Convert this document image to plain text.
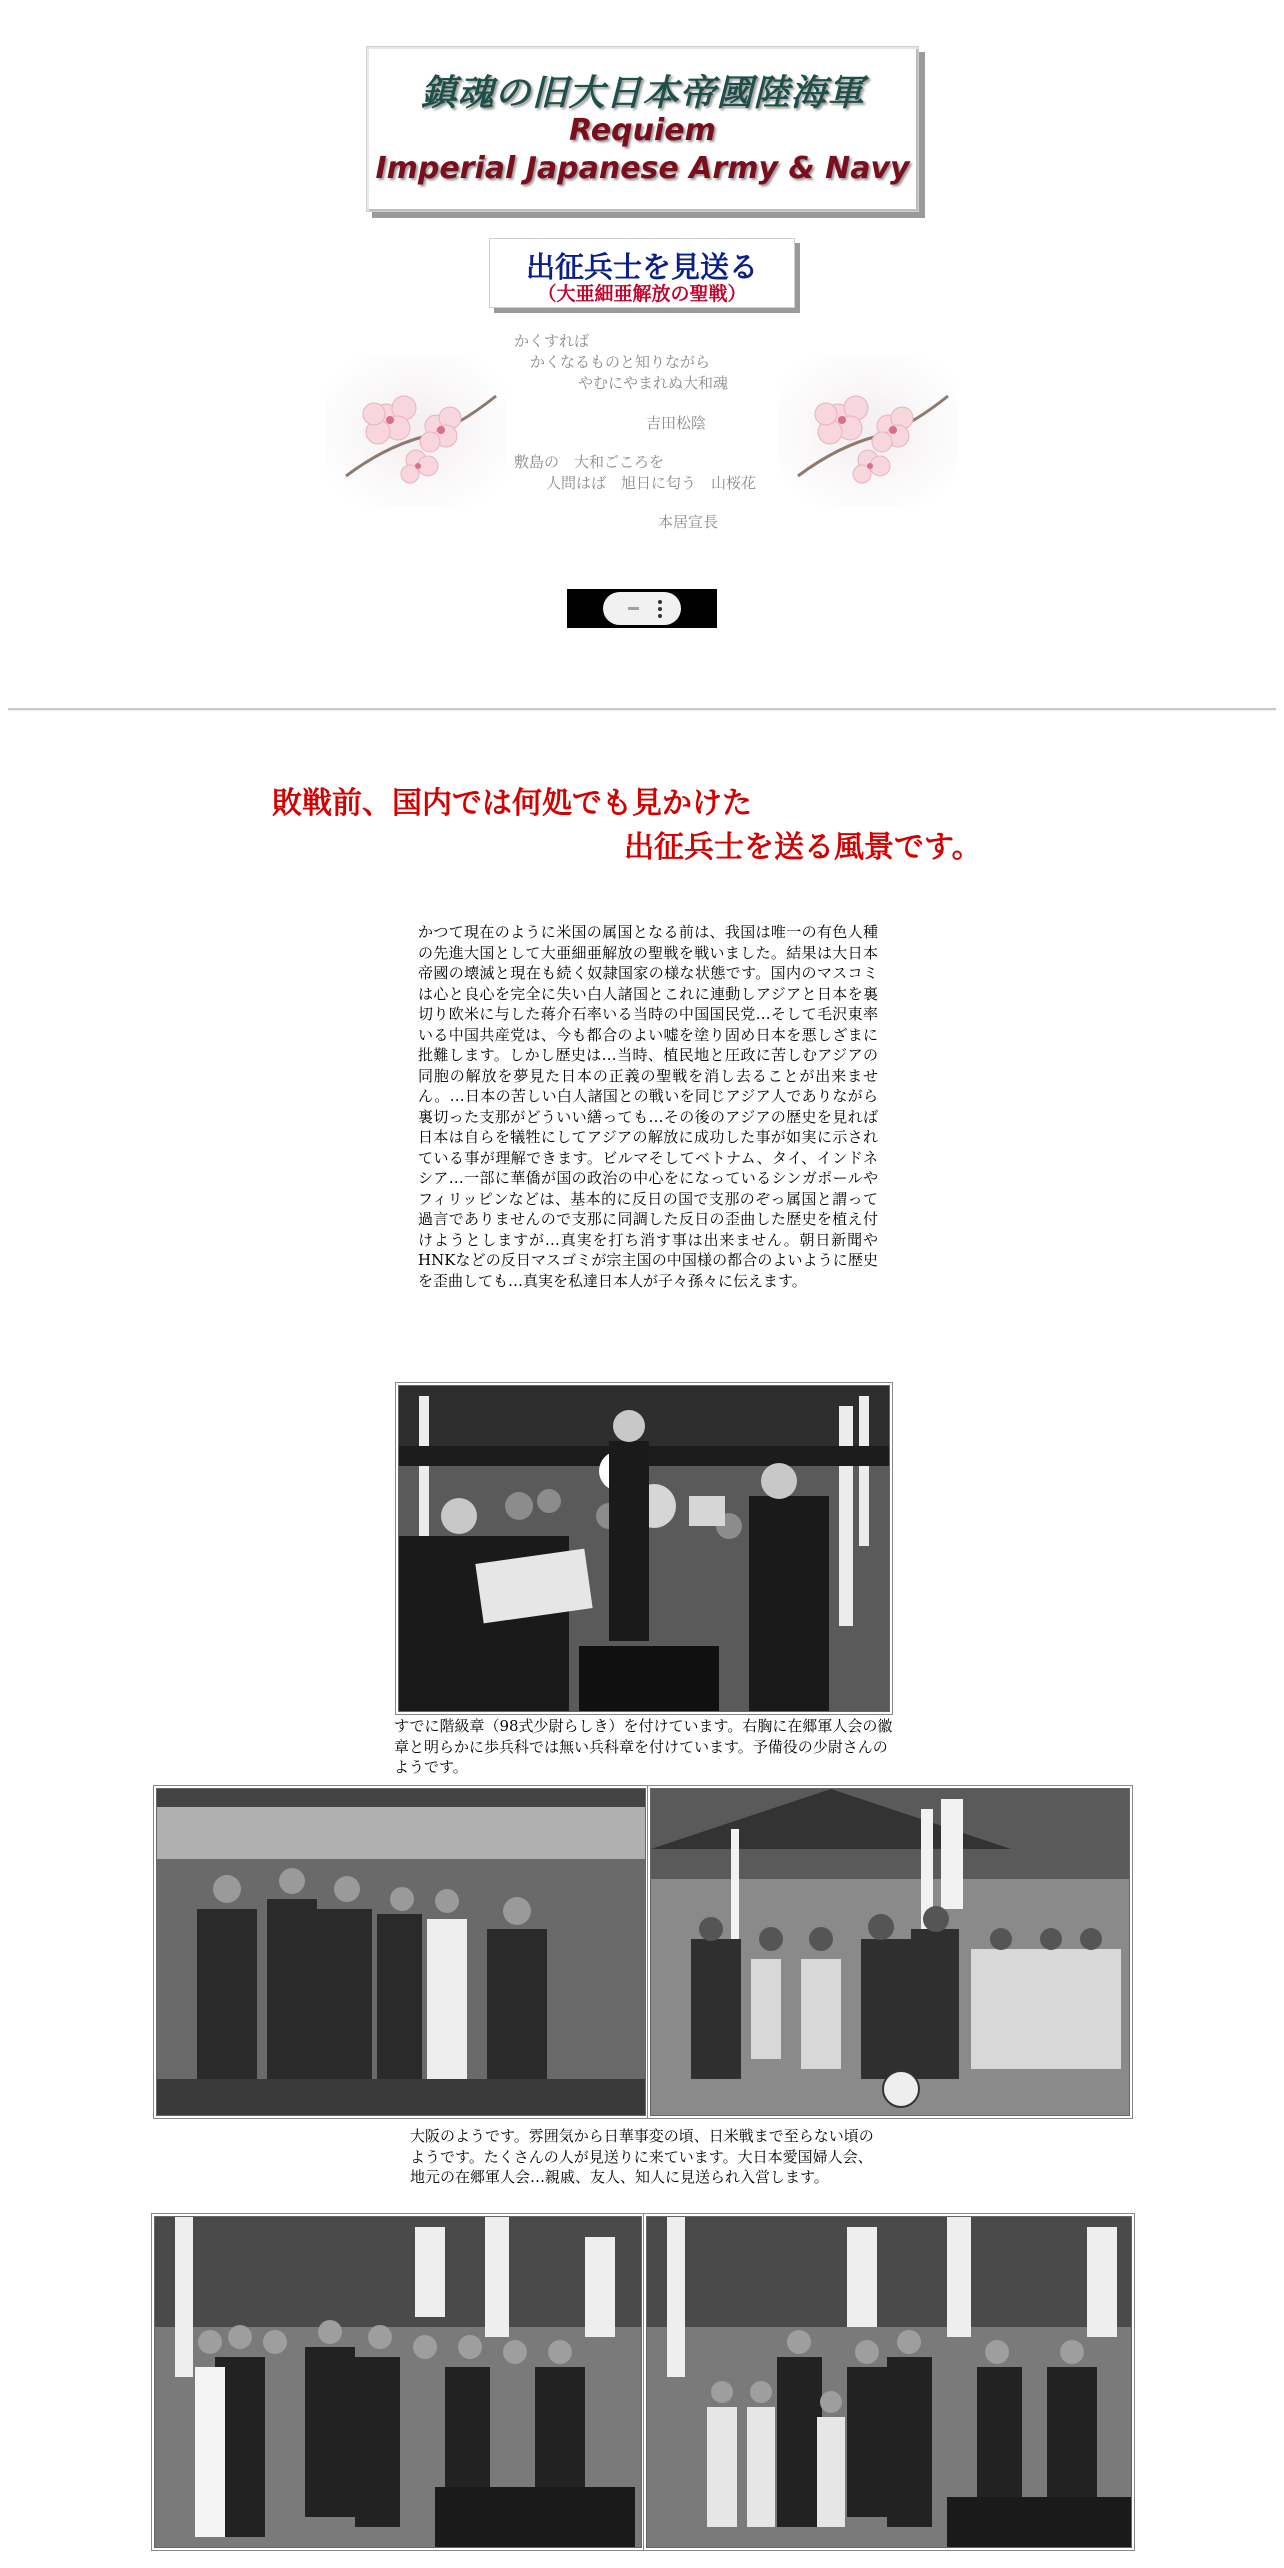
鎮魂の旧大日本帝國陸海軍
Requiem
Imperial Japanese Army & Navy
出征兵士を見送る
（大亜細亜解放の聖戦）
かくすれば
かくなるものと知りながら
やむにやまれぬ大和魂
吉田松陰
敷島の　大和ごころを
人問はば　旭日に匂う　山桜花
本居宣長
敗戦前、国内では何処でも見かけた
出征兵士を送る風景です。
かつて現在のように米国の属国となる前は、我国は唯一の有色人種の先進大国として大亜細亜解放の聖戦を戦いました。結果は大日本帝國の壊滅と現在も続く奴隷国家の様な状態です。国内のマスコミは心と良心を完全に失い白人諸国とこれに連動しアジアと日本を裏切り欧米に与した蒋介石率いる当時の中国国民党…そして毛沢東率いる中国共産党は、今も都合のよい嘘を塗り固め日本を悪しざまに批難します。しかし歴史は…当時、植民地と圧政に苦しむアジアの同胞の解放を夢見た日本の正義の聖戦を消し去ることが出来ません。…日本の苦しい白人諸国との戦いを同じアジア人でありながら裏切った支那がどういい繕っても…その後のアジアの歴史を見れば日本は自らを犠牲にしてアジアの解放に成功した事が如実に示されている事が理解できます。ビルマそしてベトナム、タイ、インドネシア…一部に華僑が国の政治の中心をになっているシンガポールやフィリッピンなどは、基本的に反日の国で支那のぞっ属国と謂って過言でありませんので支那に同調した反日の歪曲した歴史を植え付けようとしますが…真実を打ち消す事は出来ません。朝日新聞やHNKなどの反日マスゴミが宗主国の中国様の都合のよいように歴史を歪曲しても…真実を私達日本人が子々孫々に伝えます。
すでに階級章（98式少尉らしき）を付けています。右胸に在郷軍人会の徽章と明らかに歩兵科では無い兵科章を付けています。予備役の少尉さんのようです。
大阪のようです。雰囲気から日華事変の頃、日米戦まで至らない頃のようです。たくさんの人が見送りに来ています。大日本愛国婦人会、地元の在郷軍人会…親戚、友人、知人に見送られ入営します。
